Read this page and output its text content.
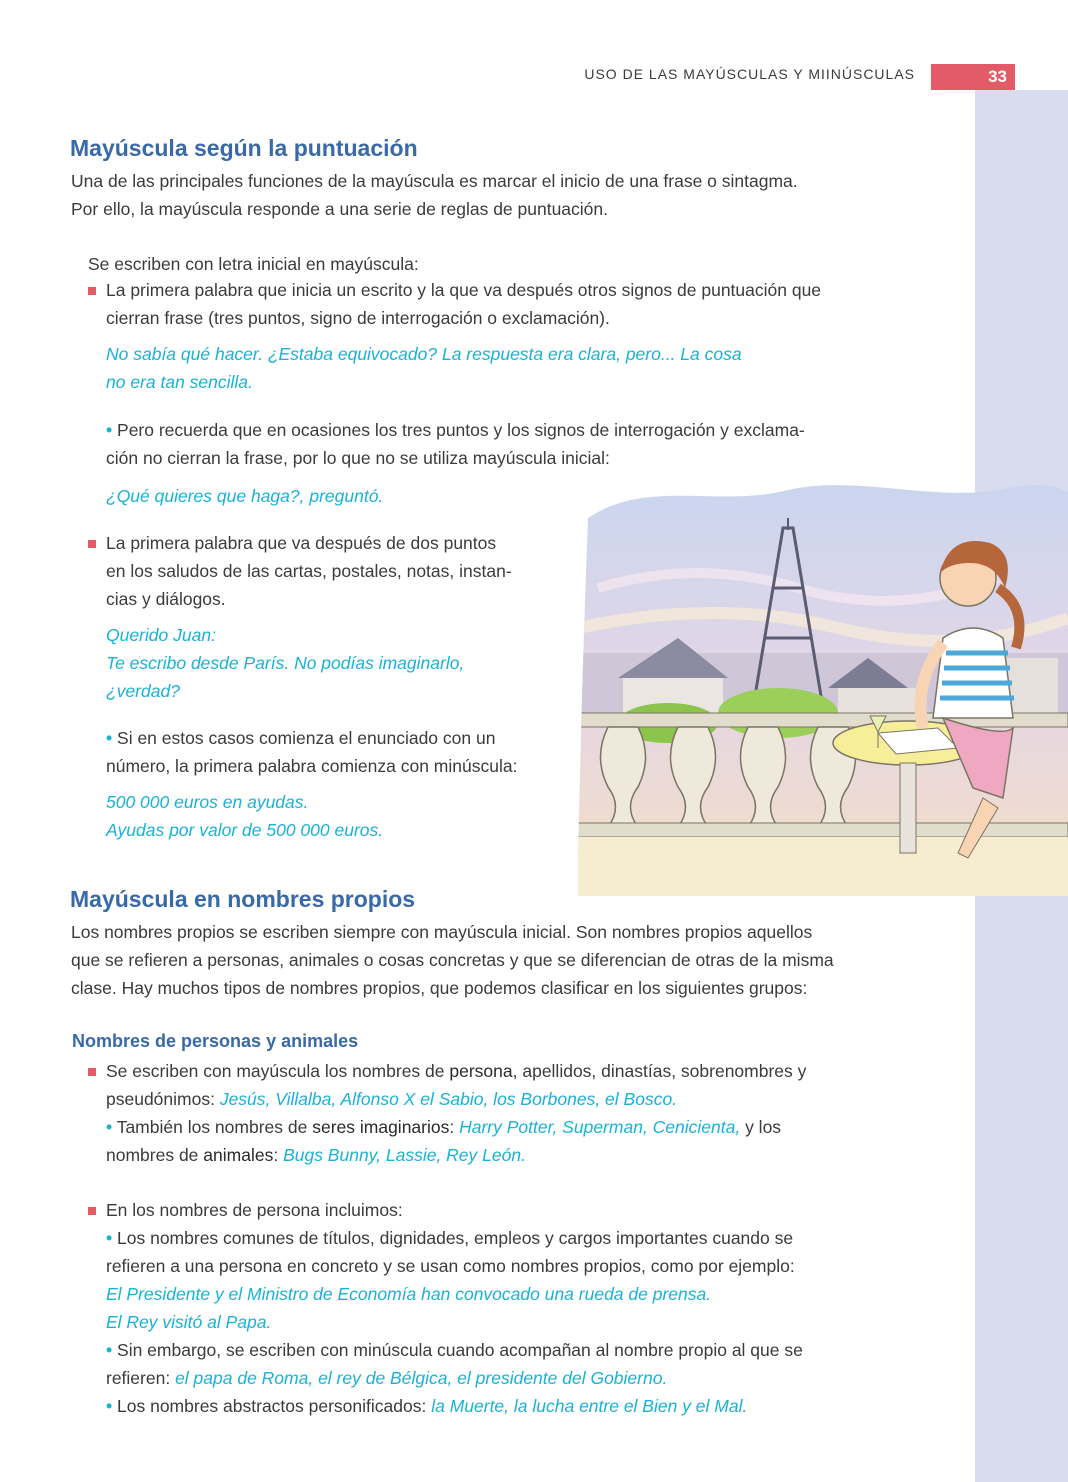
USO DE LAS MAYÚSCULAS Y MIINÚSCULAS	33
Mayúscula según la puntuación
Una de las principales funciones de la mayúscula es marcar el inicio de una frase o sintagma.
Por ello, la mayúscula responde a una serie de reglas de puntuación.
Se escriben con letra inicial en mayúscula:
La primera palabra que inicia un escrito y la que va después otros signos de puntuación que
cierran frase (tres puntos, signo de interrogación o exclamación).
No sabía qué hacer. ¿Estaba equivocado? La respuesta era clara, pero... La cosa
no era tan sencilla.
• Pero recuerda que en ocasiones los tres puntos y los signos de interrogación y exclama-
ción no cierran la frase, por lo que no se utiliza mayúscula inicial:
¿Qué quieres que haga?, preguntó.
La primera palabra que va después de dos puntos
en los saludos de las cartas, postales, notas, instan-
cias y diálogos.
Querido Juan:
Te escribo desde París. No podías imaginarlo,
¿verdad?
• Si en estos casos comienza el enunciado con un
número, la primera palabra comienza con minúscula:
500 000 euros en ayudas.
Ayudas por valor de 500 000 euros.
Mayúscula en nombres propios
Los nombres propios se escriben siempre con mayúscula inicial. Son nombres propios aquellos
que se refieren a personas, animales o cosas concretas y que se diferencian de otras de la misma
clase. Hay muchos tipos de nombres propios, que podemos clasificar en los siguientes grupos:
Nombres de personas y animales
Se escriben con mayúscula los nombres de persona, apellidos, dinastías, sobrenombres y
pseudónimos: Jesús, Villalba, Alfonso X el Sabio, los Borbones, el Bosco.
• También los nombres de seres imaginarios: Harry Potter, Superman, Cenicienta, y los
nombres de animales: Bugs Bunny, Lassie, Rey León.
En los nombres de persona incluimos:
• Los nombres comunes de títulos, dignidades, empleos y cargos importantes cuando se
refieren a una persona en concreto y se usan como nombres propios, como por ejemplo:
El Presidente y el Ministro de Economía han convocado una rueda de prensa.
El Rey visitó al Papa.
• Sin embargo, se escriben con minúscula cuando acompañan al nombre propio al que se
refieren: el papa de Roma, el rey de Bélgica, el presidente del Gobierno.
• Los nombres abstractos personificados: la Muerte, la lucha entre el Bien y el Mal.
